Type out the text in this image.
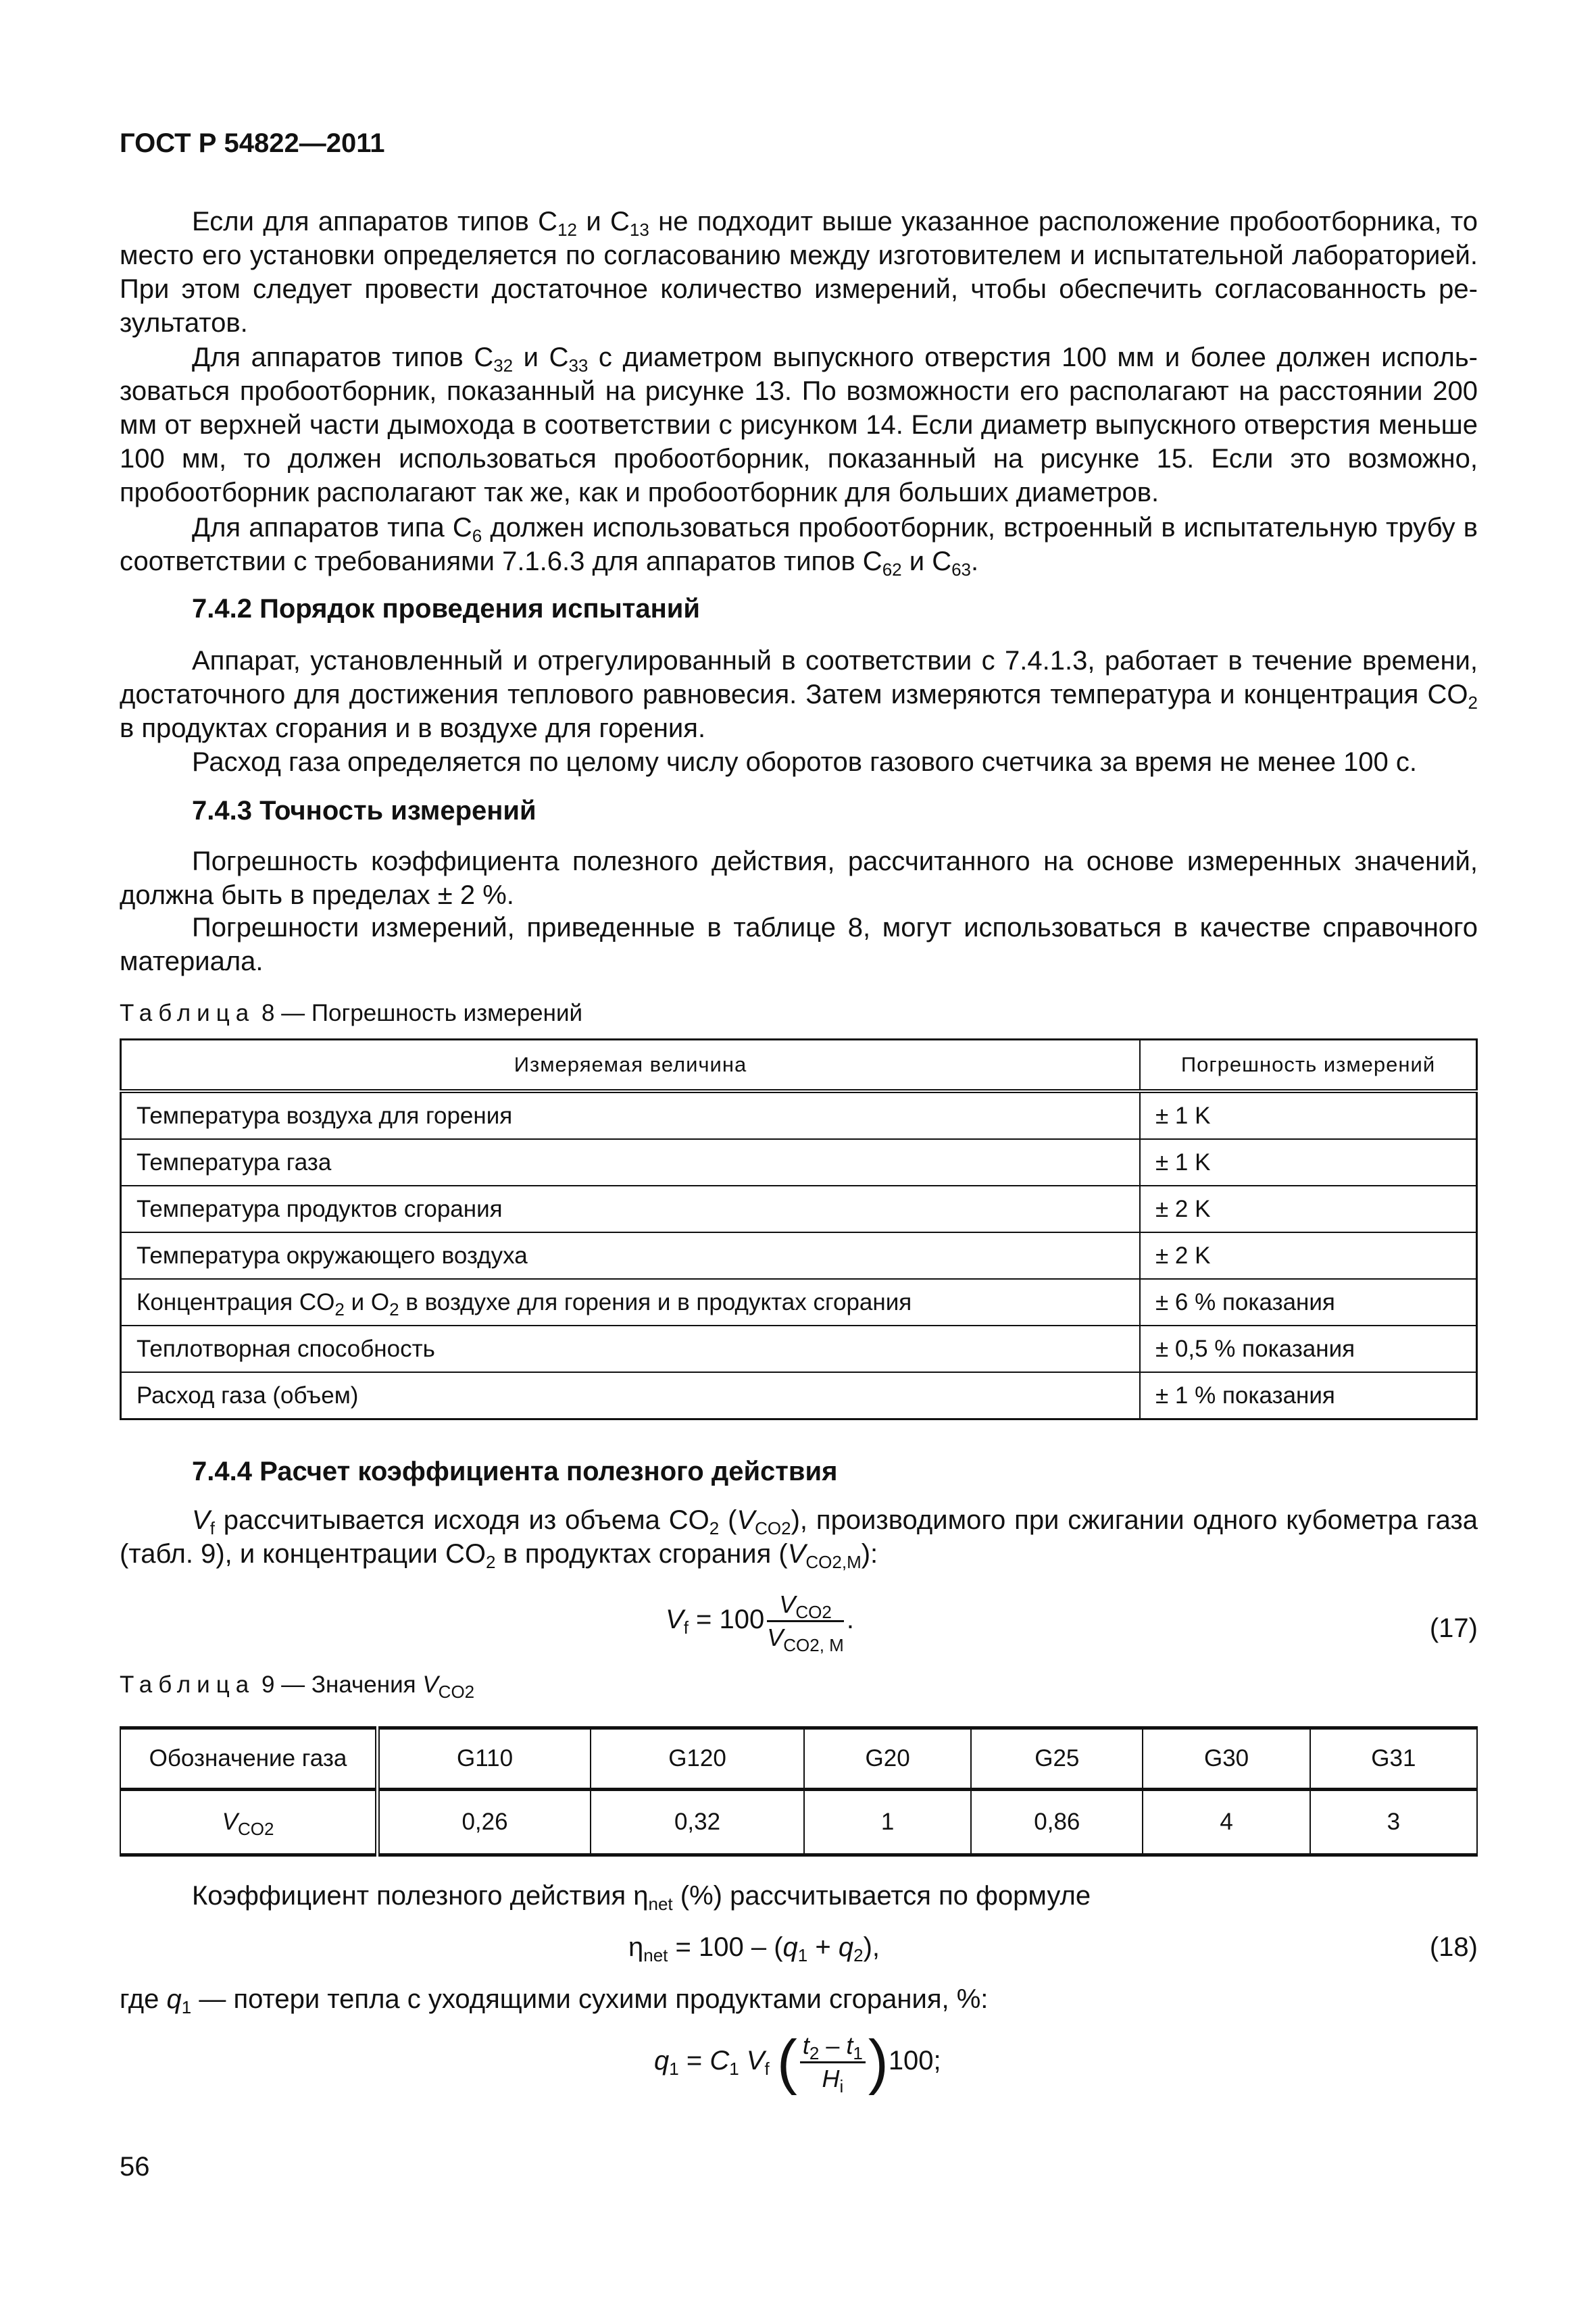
ГОСТ Р 54822—2011
Если для аппаратов типов $C_{12}$ и $C_{13}$ не подходит выше указанное расположение пробоотборника, то место его установки определяется по согласованию между изготовителем и испытательной лабораторией. При этом следует провести достаточное количество измерений, чтобы обеспечить согласованность результатов.
Для аппаратов типов $C_{32}$ и $C_{33}$ с диаметром выпускного отверстия 100 мм и более должен использоваться пробоотборник, показанный на рисунке 13. По возможности его располагают на расстоянии 200 мм от верхней части дымохода в соответствии с рисунком 14. Если диаметр выпускного отверстия меньше 100 мм, то должен использоваться пробоотборник, показанный на рисунке 15. Если это возможно, пробоотборник располагают так же, как и пробоотборник для больших диаметров.
Для аппаратов типа $C_6$ должен использоваться пробоотборник, встроенный в испытательную трубу в соответствии с требованиями 7.1.6.3 для аппаратов типов $C_{62}$ и $C_{63}$.
7.4.2 Порядок проведения испытаний
Аппарат, установленный и отрегулированный в соответствии с 7.4.1.3, работает в течение времени, достаточного для достижения теплового равновесия. Затем измеряются температура и концентрация $CO_2$ в продуктах сгорания и в воздухе для горения.
Расход газа определяется по целому числу оборотов газового счетчика за время не менее 100 с.
7.4.3 Точность измерений
Погрешность коэффициента полезного действия, рассчитанного на основе измеренных значений, должна быть в пределах ± 2 %.
Погрешности измерений, приведенные в таблице 8, могут использоваться в качестве справочного материала.
Таблица 8 — Погрешность измерений
Измеряемая величина	Погрешность измерений
Температура воздуха для горения	± 1 K
Температура газа	± 1 K
Температура продуктов сгорания	± 2 K
Температура окружающего воздуха	± 2 K
Концентрация $CO_2$ и $O_2$ в воздухе для горения и в продуктах сгорания	± 6 % показания
Теплотворная способность	± 0,5 % показания
Расход газа (объем)	± 1 % показания
7.4.4 Расчет коэффициента полезного действия
$V_f$ рассчитывается исходя из объема $CO_2$ $(V_{CO2})$, производимого при сжигании одного кубометра газа (табл. 9), и концентрации $CO_2$ в продуктах сгорания $(V_{CO2,M})$:
$V_f = 100 \frac{V_{CO2}}{V_{CO2, M}}$ .	(17)
Таблица 9 — Значения $V_{CO2}$
Обозначение газа	G110	G120	G20	G25	G30	G31
$V_{CO2}$	0,26	0,32	1	0,86	4	3
Коэффициент полезного действия $\eta_{net}$ (%) рассчитывается по формуле
$\eta_{net} = 100 - (q_1 + q_2)$,	(18)
где $q_1$ — потери тепла с уходящими сухими продуктами сгорания, %:
$q_1 = C_1$ $V_f$ ( $\frac{t_2 - t_1}{H_i} )100$;
56
